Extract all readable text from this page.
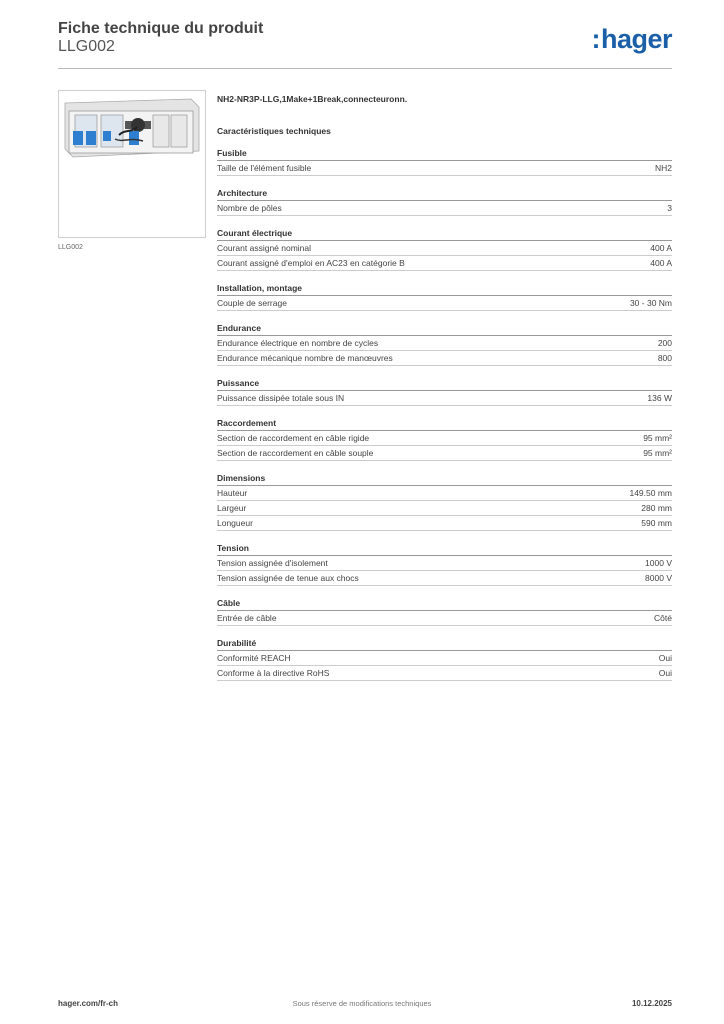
Fiche technique du produit
LLG002	:hager
LLG002
NH2-NR3P-LLG,1Make+1Break,connecteuronn.
Caractéristiques techniques
Fusible
Taille de l'élément fusible	NH2
Architecture
Nombre de pôles	3
Courant électrique
Courant assigné nominal	400 A
Courant assigné d'emploi en AC23 en catégorie B	400 A
Installation, montage
Couple de serrage	30 - 30 Nm
Endurance
Endurance électrique en nombre de cycles	200
Endurance mécanique nombre de manœuvres	800
Puissance
Puissance dissipée totale sous IN	136 W
Raccordement
Section de raccordement en câble rigide	95 mm²
Section de raccordement en câble souple	95 mm²
Dimensions
Hauteur	149.50 mm
Largeur	280 mm
Longueur	590 mm
Tension
Tension assignée d'isolement	1000 V
Tension assignée de tenue aux chocs	8000 V
Câble
Entrée de câble	Côté
Durabilité
Conformité REACH	Oui
Conforme à la directive RoHS	Oui
hager.com/fr-ch	Sous réserve de modifications techniques	10.12.2025
